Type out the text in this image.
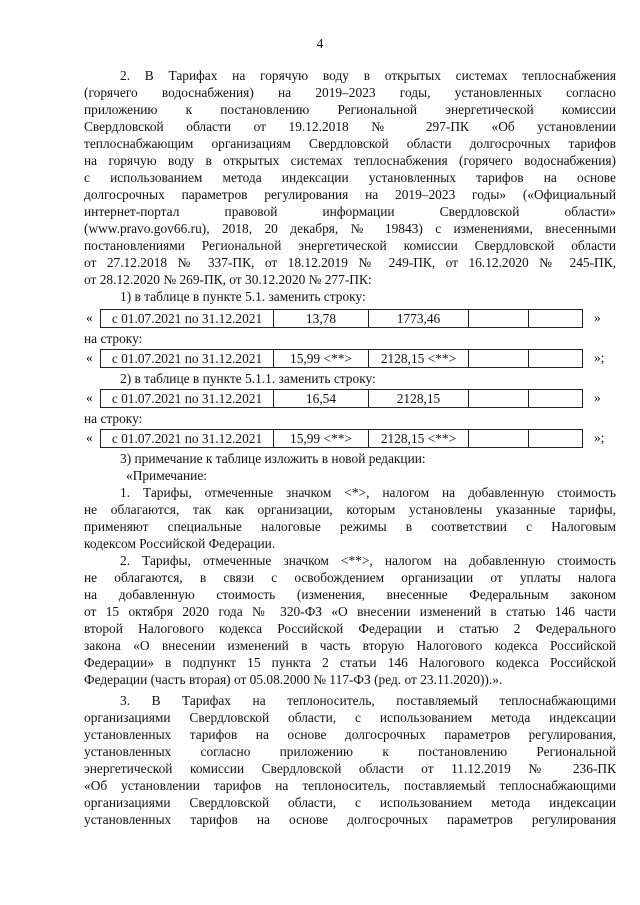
4
2. В Тарифах на горячую воду в открытых системах теплоснабжения
(горячего водоснабжения) на 2019–2023 годы, установленных согласно
приложению к постановлению Региональной энергетической комиссии
Свердловской области от 19.12.2018 № 297-ПК «Об установлении
теплоснабжающим организациям Свердловской области долгосрочных тарифов
на горячую воду в открытых системах теплоснабжения (горячего водоснабжения)
с использованием метода индексации установленных тарифов на основе
долгосрочных параметров регулирования на 2019–2023 годы» («Официальный
интернет-портал правовой информации Свердловской области»
(www.pravo.gov66.ru), 2018, 20 декабря, № 19843) с изменениями, внесенными
постановлениями Региональной энергетической комиссии Свердловской области
от 27.12.2018 № 337-ПК, от 18.12.2019 № 249-ПК, от 16.12.2020 № 245-ПК,
от 28.12.2020 № 269-ПК, от 30.12.2020 № 277-ПК:
1) в таблице в пункте 5.1. заменить строку:
«	с 01.07.2021 по 31.12.2021	13,78	1773,46	»
на строку:
«	с 01.07.2021 по 31.12.2021	15,99 <**>	2128,15 <**>	»;
2) в таблице в пункте 5.1.1. заменить строку:
«	с 01.07.2021 по 31.12.2021	16,54	2128,15	»
на строку:
«	с 01.07.2021 по 31.12.2021	15,99 <**>	2128,15 <**>	»;
3) примечание к таблице изложить в новой редакции:
«Примечание:
1. Тарифы, отмеченные значком <*>, налогом на добавленную стоимость
не облагаются, так как организации, которым установлены указанные тарифы,
применяют специальные налоговые режимы в соответствии с Налоговым
кодексом Российской Федерации.
2. Тарифы, отмеченные значком <**>, налогом на добавленную стоимость
не облагаются, в связи с освобождением организации от уплаты налога
на добавленную стоимость (изменения, внесенные Федеральным законом
от 15 октября 2020 года № 320-ФЗ «О внесении изменений в статью 146 части
второй Налогового кодекса Российской Федерации и статью 2 Федерального
закона «О внесении изменений в часть вторую Налогового кодекса Российской
Федерации» в подпункт 15 пункта 2 статьи 146 Налогового кодекса Российской
Федерации (часть вторая) от 05.08.2000 № 117-ФЗ (ред. от 23.11.2020)).».
3. В Тарифах на теплоноситель, поставляемый теплоснабжающими
организациями Свердловской области, с использованием метода индексации
установленных тарифов на основе долгосрочных параметров регулирования,
установленных согласно приложению к постановлению Региональной
энергетической комиссии Свердловской области от 11.12.2019 № 236-ПК
«Об установлении тарифов на теплоноситель, поставляемый теплоснабжающими
организациями Свердловской области, с использованием метода индексации
установленных тарифов на основе долгосрочных параметров регулирования
